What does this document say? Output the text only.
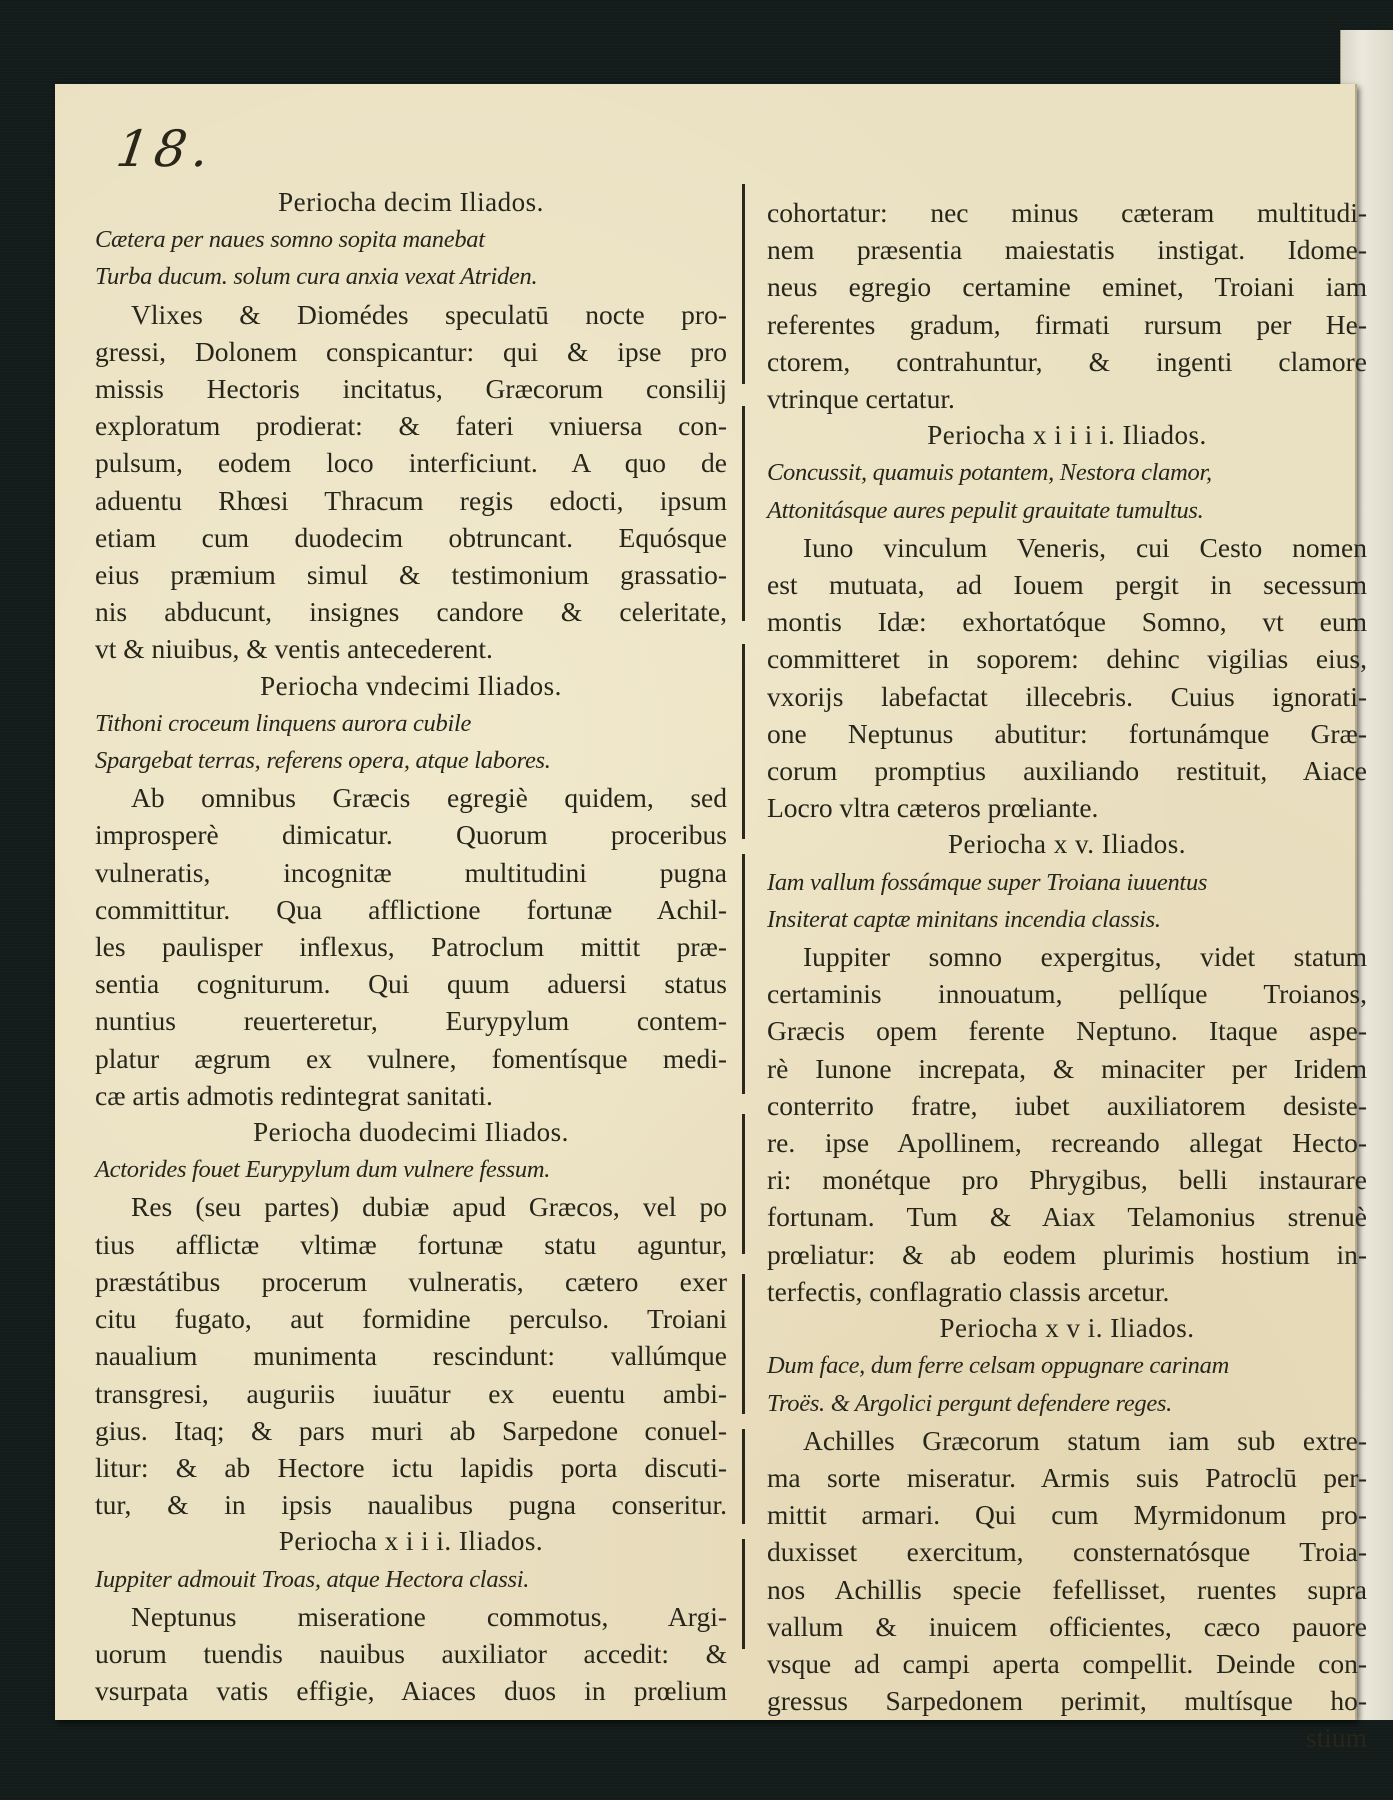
18.
Periocha decim Iliados.
Cætera per naues somno sopita manebat
Turba ducum. solum cura anxia vexat Atriden.
Vlixes & Diomédes speculatū nocte pro-
gressi, Dolonem conspicantur: qui & ipse pro
missis Hectoris incitatus, Græcorum consilij
exploratum prodierat: & fateri vniuersa con-
pulsum, eodem loco interficiunt. A quo de
aduentu Rhœsi Thracum regis edocti, ipsum
etiam cum duodecim obtruncant. Equósque
eius præmium simul & testimonium grassatio-
nis abducunt, insignes candore & celeritate,
vt & niuibus, & ventis antecederent.
Periocha vndecimi Iliados.
Tithoni croceum linquens aurora cubile
Spargebat terras, referens opera, atque labores.
Ab omnibus Græcis egregiè quidem, sed
improsperè dimicatur. Quorum proceribus
vulneratis, incognitæ multitudini pugna
committitur. Qua afflictione fortunæ Achil-
les paulisper inflexus, Patroclum mittit præ-
sentia cogniturum. Qui quum aduersi status
nuntius reuerteretur, Eurypylum contem-
platur ægrum ex vulnere, fomentísque medi-
cæ artis admotis redintegrat sanitati.
Periocha duodecimi Iliados.
Actorides fouet Eurypylum dum vulnere fessum.
Res (seu partes) dubiæ apud Græcos, vel po
tius afflictæ vltimæ fortunæ statu aguntur,
præstátibus procerum vulneratis, cætero exer
citu fugato, aut formidine perculso. Troiani
naualium munimenta rescindunt: vallúmque
transgresi, auguriis iuuātur ex euentu ambi-
gius. Itaq; & pars muri ab Sarpedone conuel-
litur: & ab Hectore ictu lapidis porta discuti-
tur, & in ipsis naualibus pugna conseritur.
Periocha x i i i. Iliados.
Iuppiter admouit Troas, atque Hectora classi.
Neptunus miseratione commotus, Argi-
uorum tuendis nauibus auxiliator accedit: &
vsurpata vatis effigie, Aiaces duos in prœlium
cohortatur: nec minus cæteram multitudi-
nem præsentia maiestatis instigat. Idome-
neus egregio certamine eminet, Troiani iam
referentes gradum, firmati rursum per He-
ctorem, contrahuntur, & ingenti clamore
vtrinque certatur.
Periocha x i i i i. Iliados.
Concussit, quamuis potantem, Nestora clamor,
Attonitásque aures pepulit grauitate tumultus.
Iuno vinculum Veneris, cui Cesto nomen
est mutuata, ad Iouem pergit in secessum
montis Idæ: exhortatóque Somno, vt eum
committeret in soporem: dehinc vigilias eius,
vxorijs labefactat illecebris. Cuius ignorati-
one Neptunus abutitur: fortunámque Græ-
corum promptius auxiliando restituit, Aiace
Locro vltra cæteros prœliante.
Periocha x v. Iliados.
Iam vallum fossámque super Troiana iuuentus
Insiterat captæ minitans incendia classis.
Iuppiter somno expergitus, videt statum
certaminis innouatum, pellíque Troianos,
Græcis opem ferente Neptuno. Itaque aspe-
rè Iunone increpata, & minaciter per Iridem
conterrito fratre, iubet auxiliatorem desiste-
re. ipse Apollinem, recreando allegat Hecto-
ri: monétque pro Phrygibus, belli instaurare
fortunam. Tum & Aiax Telamonius strenuè
prœliatur: & ab eodem plurimis hostium in-
terfectis, conflagratio classis arcetur.
Periocha x v i. Iliados.
Dum face, dum ferre celsam oppugnare carinam
Troës. & Argolici pergunt defendere reges.
Achilles Græcorum statum iam sub extre-
ma sorte miseratur. Armis suis Patroclū per-
mittit armari. Qui cum Myrmidonum pro-
duxisset exercitum, consternatósque Troia-
nos Achillis specie fefellisset, ruentes supra
vallum & inuicem officientes, cæco pauore
vsque ad campi aperta compellit. Deinde con-
gressus Sarpedonem perimit, multísque ho-
stium
